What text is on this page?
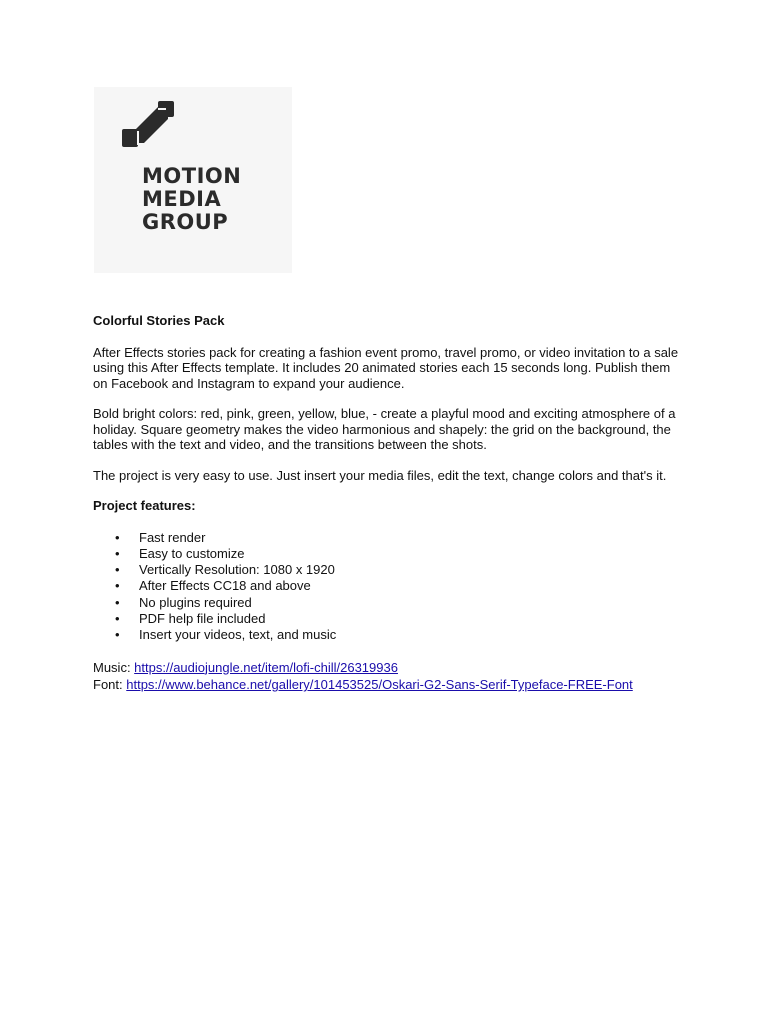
MOTION
MEDIA
GROUP

Colorful Stories Pack

After Effects stories pack for creating a fashion event promo, travel promo, or video invitation to a sale using this After Effects template. It includes 20 animated stories each 15 seconds long. Publish them on Facebook and Instagram to expand your audience.

Bold bright colors: red, pink, green, yellow, blue, - create a playful mood and exciting atmosphere of a holiday. Square geometry makes the video harmonious and shapely: the grid on the background, the tables with the text and video, and the transitions between the shots.

The project is very easy to use. Just insert your media files, edit the text, change colors and that's it.

Project features:

• Fast render
• Easy to customize
• Vertically Resolution: 1080 x 1920
• After Effects CC18 and above
• No plugins required
• PDF help file included
• Insert your videos, text, and music

Music: https://audiojungle.net/item/lofi-chill/26319936

Font: https://www.behance.net/gallery/101453525/Oskari-G2-Sans-Serif-Typeface-FREE-Font
